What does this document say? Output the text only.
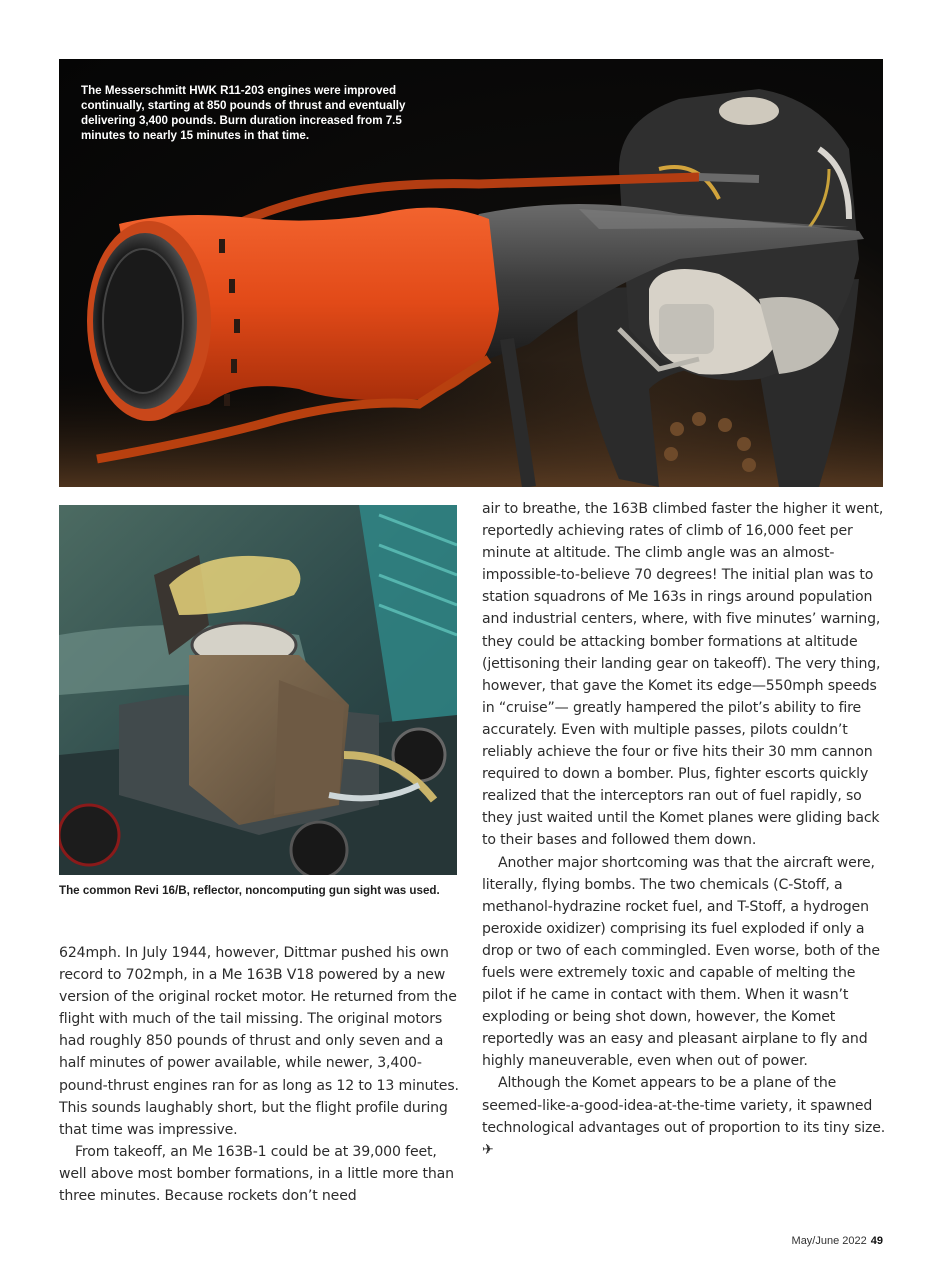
The Messerschmitt HWK R11-203 engines were improved continually, starting at 850 pounds of thrust and eventually delivering 3,400 pounds. Burn duration increased from 7.5 minutes to nearly 15 minutes in that time.

The common Revi 16/B, reflector, noncomputing gun sight was used.

624mph. In July 1944, however, Dittmar pushed his own record to 702mph, in a Me 163B V18 powered by a new version of the original rocket motor. He returned from the flight with much of the tail missing. The original motors had roughly 850 pounds of thrust and only seven and a half minutes of power available, while newer, 3,400-pound-thrust engines ran for as long as 12 to 13 minutes. This sounds laughably short, but the flight profile during that time was impressive.

From takeoff, an Me 163B-1 could be at 39,000 feet, well above most bomber formations, in a little more than three minutes. Because rockets don’t need

air to breathe, the 163B climbed faster the higher it went, reportedly achieving rates of climb of 16,000 feet per minute at altitude. The climb angle was an almost-impossible-to-believe 70 degrees! The initial plan was to station squadrons of Me 163s in rings around population and industrial centers, where, with five minutes’ warning, they could be attacking bomber formations at altitude (jettisoning their landing gear on takeoff). The very thing, however, that gave the Komet its edge—550mph speeds in “cruise”— greatly hampered the pilot’s ability to fire accurately. Even with multiple passes, pilots couldn’t reliably achieve the four or five hits their 30 mm cannon required to down a bomber. Plus, fighter escorts quickly realized that the interceptors ran out of fuel rapidly, so they just waited until the Komet planes were gliding back to their bases and followed them down.

Another major shortcoming was that the aircraft were, literally, flying bombs. The two chemicals (C-Stoff, a methanol-hydrazine rocket fuel, and T-Stoff, a hydrogen peroxide oxidizer) comprising its fuel exploded if only a drop or two of each commingled. Even worse, both of the fuels were extremely toxic and capable of melting the pilot if he came in contact with them. When it wasn’t exploding or being shot down, however, the Komet reportedly was an easy and pleasant airplane to fly and highly maneuverable, even when out of power.

Although the Komet appears to be a plane of the seemed-like-a-good-idea-at-the-time variety, it spawned technological advantages out of proportion to its tiny size. ✈

May/June 2022 49
